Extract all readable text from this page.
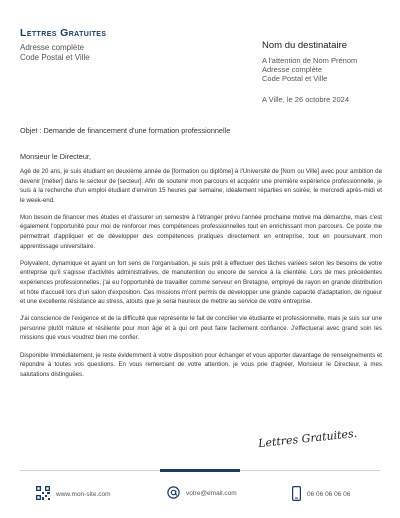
Lettres Gratuites
Adresse complète
Code Postal et Ville
Nom du destinataire
A l'attention de Nom Prénom
Adresse complète
Code Postal et Ville
A Ville, le 26 octobre 2024
Objet : Demande de financement d'une formation professionnelle
Monsieur le Directeur,

Agé de 20 ans, je suis étudiant en deuxième année de [formation ou diplôme] à l'Université de [Nom ou Ville] avec pour ambition de devenir [métier] dans le secteur de [secteur]. Afin de soutenir mon parcours et acquérir une première expérience professionnelle, je suis à la recherche d'un emploi étudiant d'environ 15 heures par semaine, idéalement réparties en soirée, le mercredi après-midi et le week-end.

Mon besoin de financer mes études et d'assurer un semestre à l'étranger prévu l'année prochaine motive ma démarche, mais c'est également l'opportunité pour moi de renforcer mes compétences professionnelles tout en enrichissant mon parcours. Ce poste me permettrait d'appliquer et de développer des compétences pratiques directement en entreprise, tout en poursuivant mon apprentissage universitaire.

Polyvalent, dynamique et ayant un fort sens de l'organisation, je suis prêt à effectuer des tâches variées selon les besoins de votre entreprise qu'il s'agisse d'activités administratives, de manutention ou encore de service à la clientèle. Lors de mes précédentes expériences professionnelles, j'ai eu l'opportunité de travailler comme serveur en Bretagne, employé de rayon en grande distribution et hôte d'accueil lors d'un salon d'exposition. Ces missions m'ont permis de développer une grande capacité d'adaptation, de rigueur et une excellente résistance au stress, atouts que je serai heureux de mettre au service de votre entreprise.

J'ai conscience de l'exigence et de la difficulté que représente le fait de concilier vie étudiante et professionnelle, mais je suis sur une personne plutôt mâture et résiliente pour mon âge et à qui ont peut faire facilement confiance. J'effectuerai avec grand soin les missions que vous voudrez bien me confier.

Disponible immédiatement, je reste évidemment à votre disposition pour échanger et vous apporter davantage de renseignements et répondre à toutes vos questions. En vous remerciant de votre attention, je vous prie d'agréer, Monsieur le Directeur, à mes salutations distinguées.

Lettres Gratuites.
www.mon-site.com	votre@email.com	06 06 06 06 06
